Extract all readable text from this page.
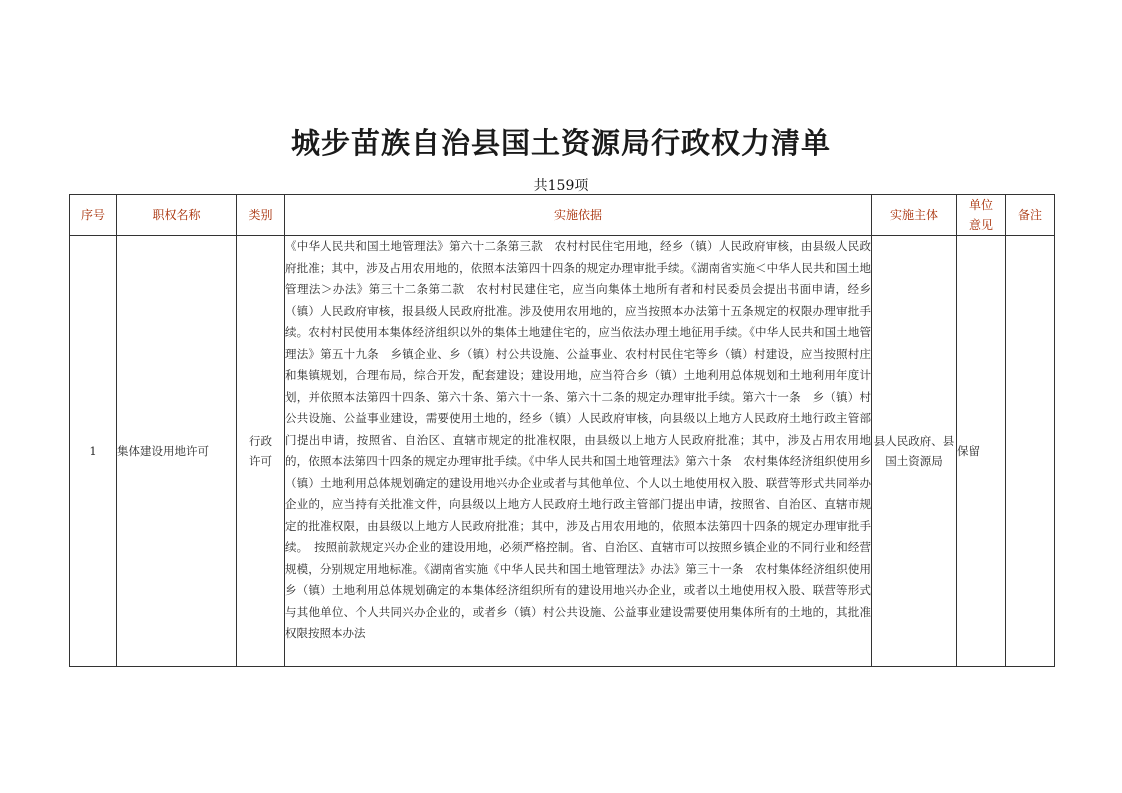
城步苗族自治县国土资源局行政权力清单
共159项
序号	职权名称	类别	实施依据	实施主体	单位意见	备注
1	集体建设用地许可	行政许可	《中华人民共和国土地管理法》第六十二条第三款　农村村民住宅用地，经乡（镇）人民政府审核，由县级人民政府批准；其中，涉及占用农用地的，依照本法第四十四条的规定办理审批手续。《湖南省实施＜中华人民共和国土地管理法＞办法》第三十二条第二款　农村村民建住宅，应当向集体土地所有者和村民委员会提出书面申请，经乡（镇）人民政府审核，报县级人民政府批准。涉及使用农用地的，应当按照本办法第十五条规定的权限办理审批手续。农村村民使用本集体经济组织以外的集体土地建住宅的，应当依法办理土地征用手续。《中华人民共和国土地管理法》第五十九条　乡镇企业、乡（镇）村公共设施、公益事业、农村村民住宅等乡（镇）村建设，应当按照村庄和集镇规划，合理布局，综合开发，配套建设；建设用地，应当符合乡（镇）土地利用总体规划和土地利用年度计划，并依照本法第四十四条、第六十条、第六十一条、第六十二条的规定办理审批手续。第六十一条　乡（镇）村公共设施、公益事业建设，需要使用土地的，经乡（镇）人民政府审核，向县级以上地方人民政府土地行政主管部门提出申请，按照省、自治区、直辖市规定的批准权限，由县级以上地方人民政府批准；其中，涉及占用农用地的，依照本法第四十四条的规定办理审批手续。《中华人民共和国土地管理法》第六十条　农村集体经济组织使用乡（镇）土地利用总体规划确定的建设用地兴办企业或者与其他单位、个人以土地使用权入股、联营等形式共同举办企业的，应当持有关批准文件，向县级以上地方人民政府土地行政主管部门提出申请，按照省、自治区、直辖市规定的批准权限，由县级以上地方人民政府批准；其中，涉及占用农用地的，依照本法第四十四条的规定办理审批手续。　按照前款规定兴办企业的建设用地，必须严格控制。省、自治区、直辖市可以按照乡镇企业的不同行业和经营规模，分别规定用地标准。《湖南省实施《中华人民共和国土地管理法》办法》第三十一条　农村集体经济组织使用乡（镇）土地利用总体规划确定的本集体经济组织所有的建设用地兴办企业，或者以土地使用权入股、联营等形式与其他单位、个人共同兴办企业的，或者乡（镇）村公共设施、公益事业建设需要使用集体所有的土地的，其批准权限按照本办法	县人民政府、县国土资源局	保留	
